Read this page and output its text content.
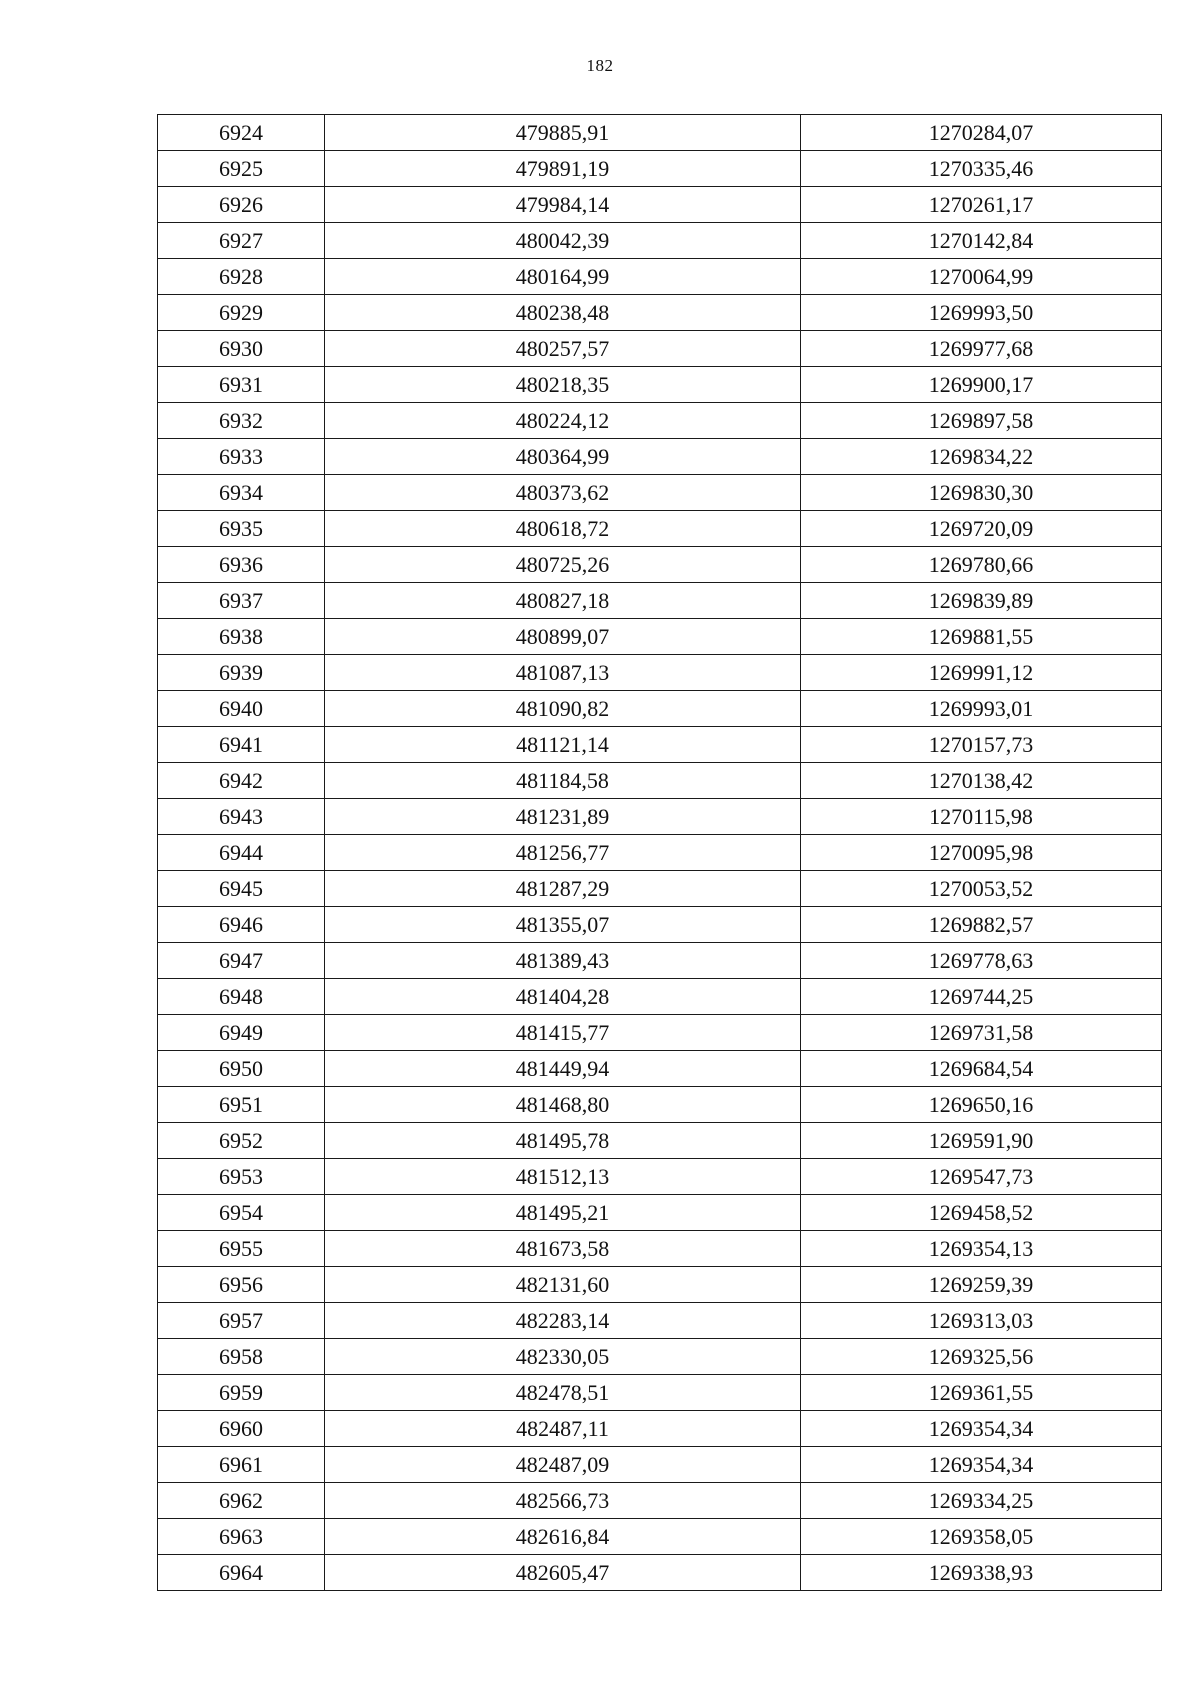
182
6924	479885,91	1270284,07
6925	479891,19	1270335,46
6926	479984,14	1270261,17
6927	480042,39	1270142,84
6928	480164,99	1270064,99
6929	480238,48	1269993,50
6930	480257,57	1269977,68
6931	480218,35	1269900,17
6932	480224,12	1269897,58
6933	480364,99	1269834,22
6934	480373,62	1269830,30
6935	480618,72	1269720,09
6936	480725,26	1269780,66
6937	480827,18	1269839,89
6938	480899,07	1269881,55
6939	481087,13	1269991,12
6940	481090,82	1269993,01
6941	481121,14	1270157,73
6942	481184,58	1270138,42
6943	481231,89	1270115,98
6944	481256,77	1270095,98
6945	481287,29	1270053,52
6946	481355,07	1269882,57
6947	481389,43	1269778,63
6948	481404,28	1269744,25
6949	481415,77	1269731,58
6950	481449,94	1269684,54
6951	481468,80	1269650,16
6952	481495,78	1269591,90
6953	481512,13	1269547,73
6954	481495,21	1269458,52
6955	481673,58	1269354,13
6956	482131,60	1269259,39
6957	482283,14	1269313,03
6958	482330,05	1269325,56
6959	482478,51	1269361,55
6960	482487,11	1269354,34
6961	482487,09	1269354,34
6962	482566,73	1269334,25
6963	482616,84	1269358,05
6964	482605,47	1269338,93
